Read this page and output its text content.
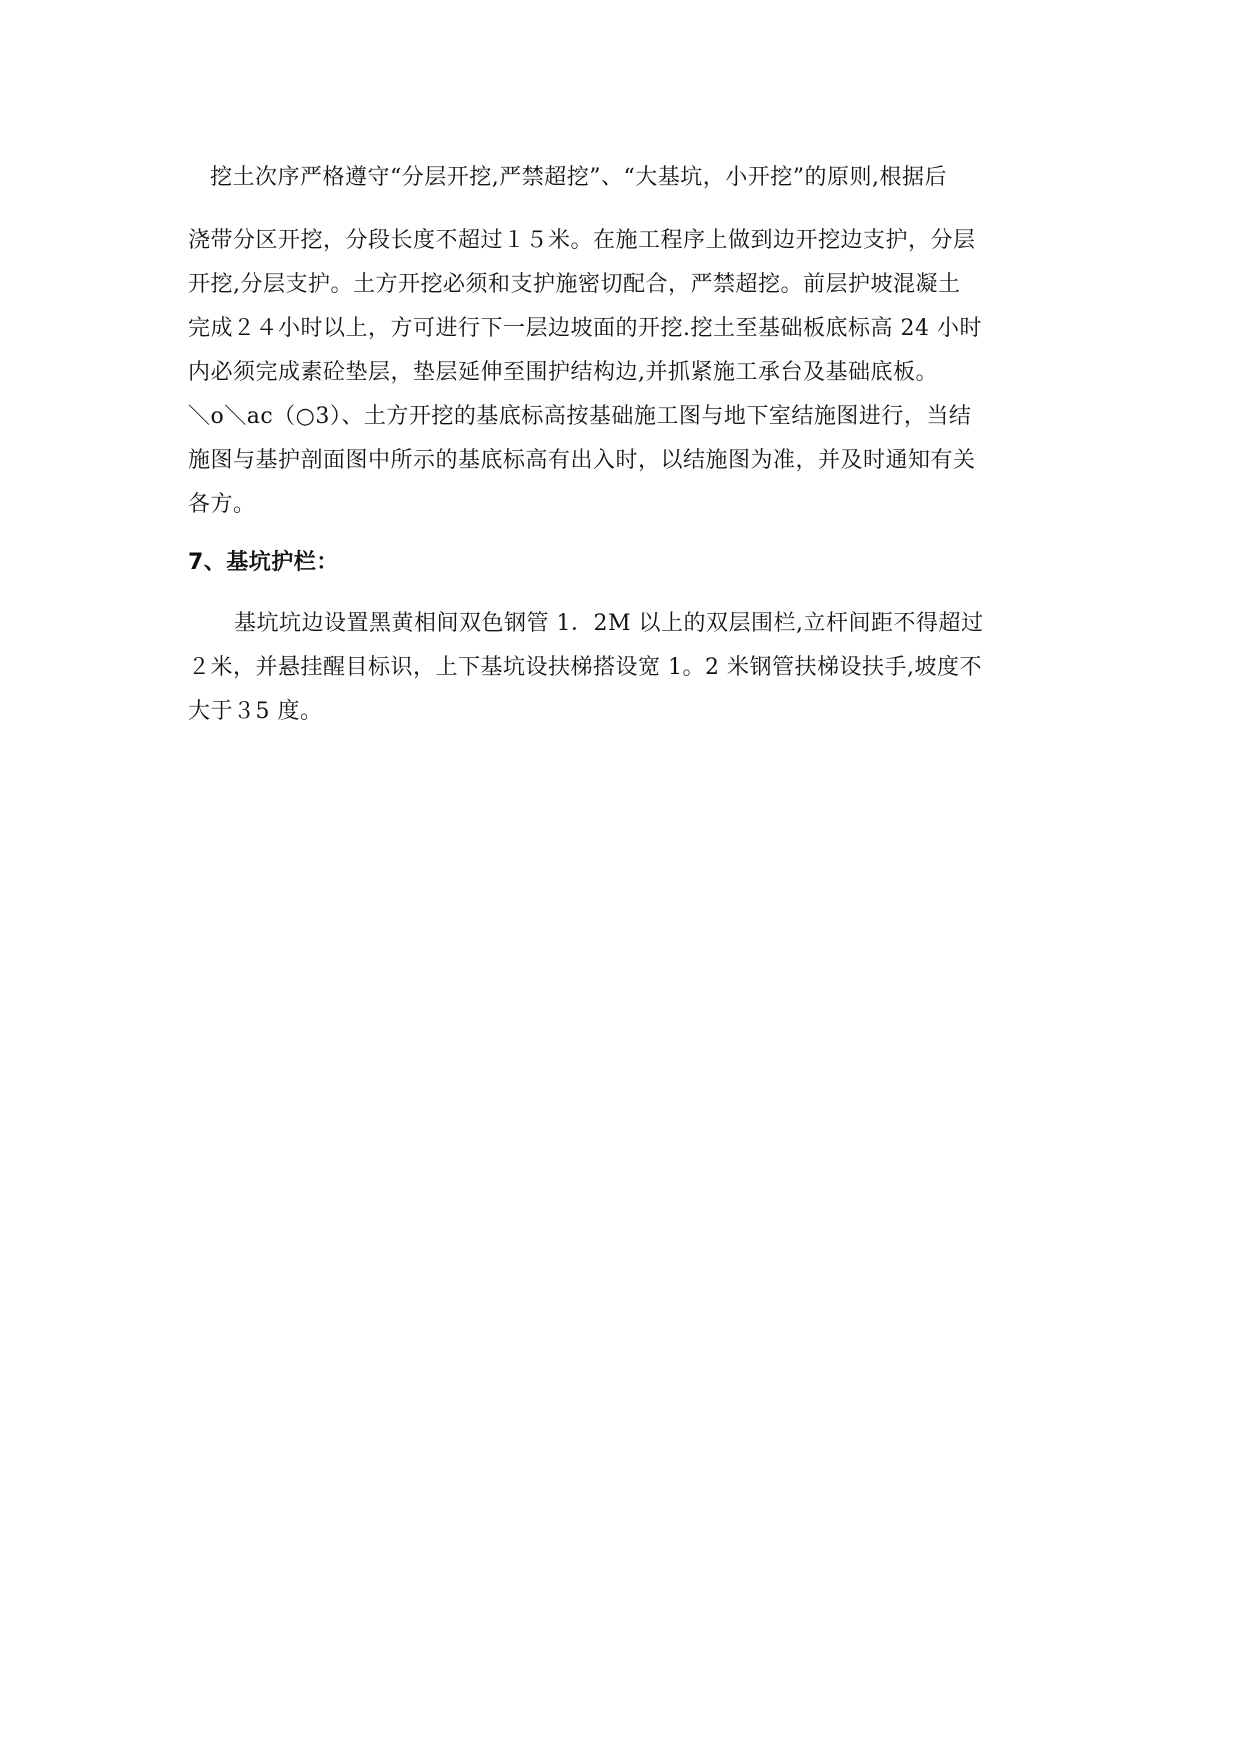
挖土次序严格遵守“分层开挖,严禁超挖”、“大基坑，小开挖”的原则,根据后
浇带分区开挖，分段长度不超过１５米。在施工程序上做到边开挖边支护，分层
开挖,分层支护。土方开挖必须和支护施密切配合，严禁超挖。前层护坡混凝土
完成２４小时以上，方可进行下一层边坡面的开挖.挖土至基础板底标高 24 小时
内必须完成素砼垫层，垫层延伸至围护结构边,并抓紧施工承台及基础底板。
＼o＼ac（○3）、土方开挖的基底标高按基础施工图与地下室结施图进行，当结
施图与基护剖面图中所示的基底标高有出入时，以结施图为准，并及时通知有关
各方。
7、基坑护栏：
基坑坑边设置黑黄相间双色钢管 1．2M 以上的双层围栏,立杆间距不得超过
２米，并悬挂醒目标识，上下基坑设扶梯搭设宽 1。2 米钢管扶梯设扶手,坡度不
大于３5 度。
